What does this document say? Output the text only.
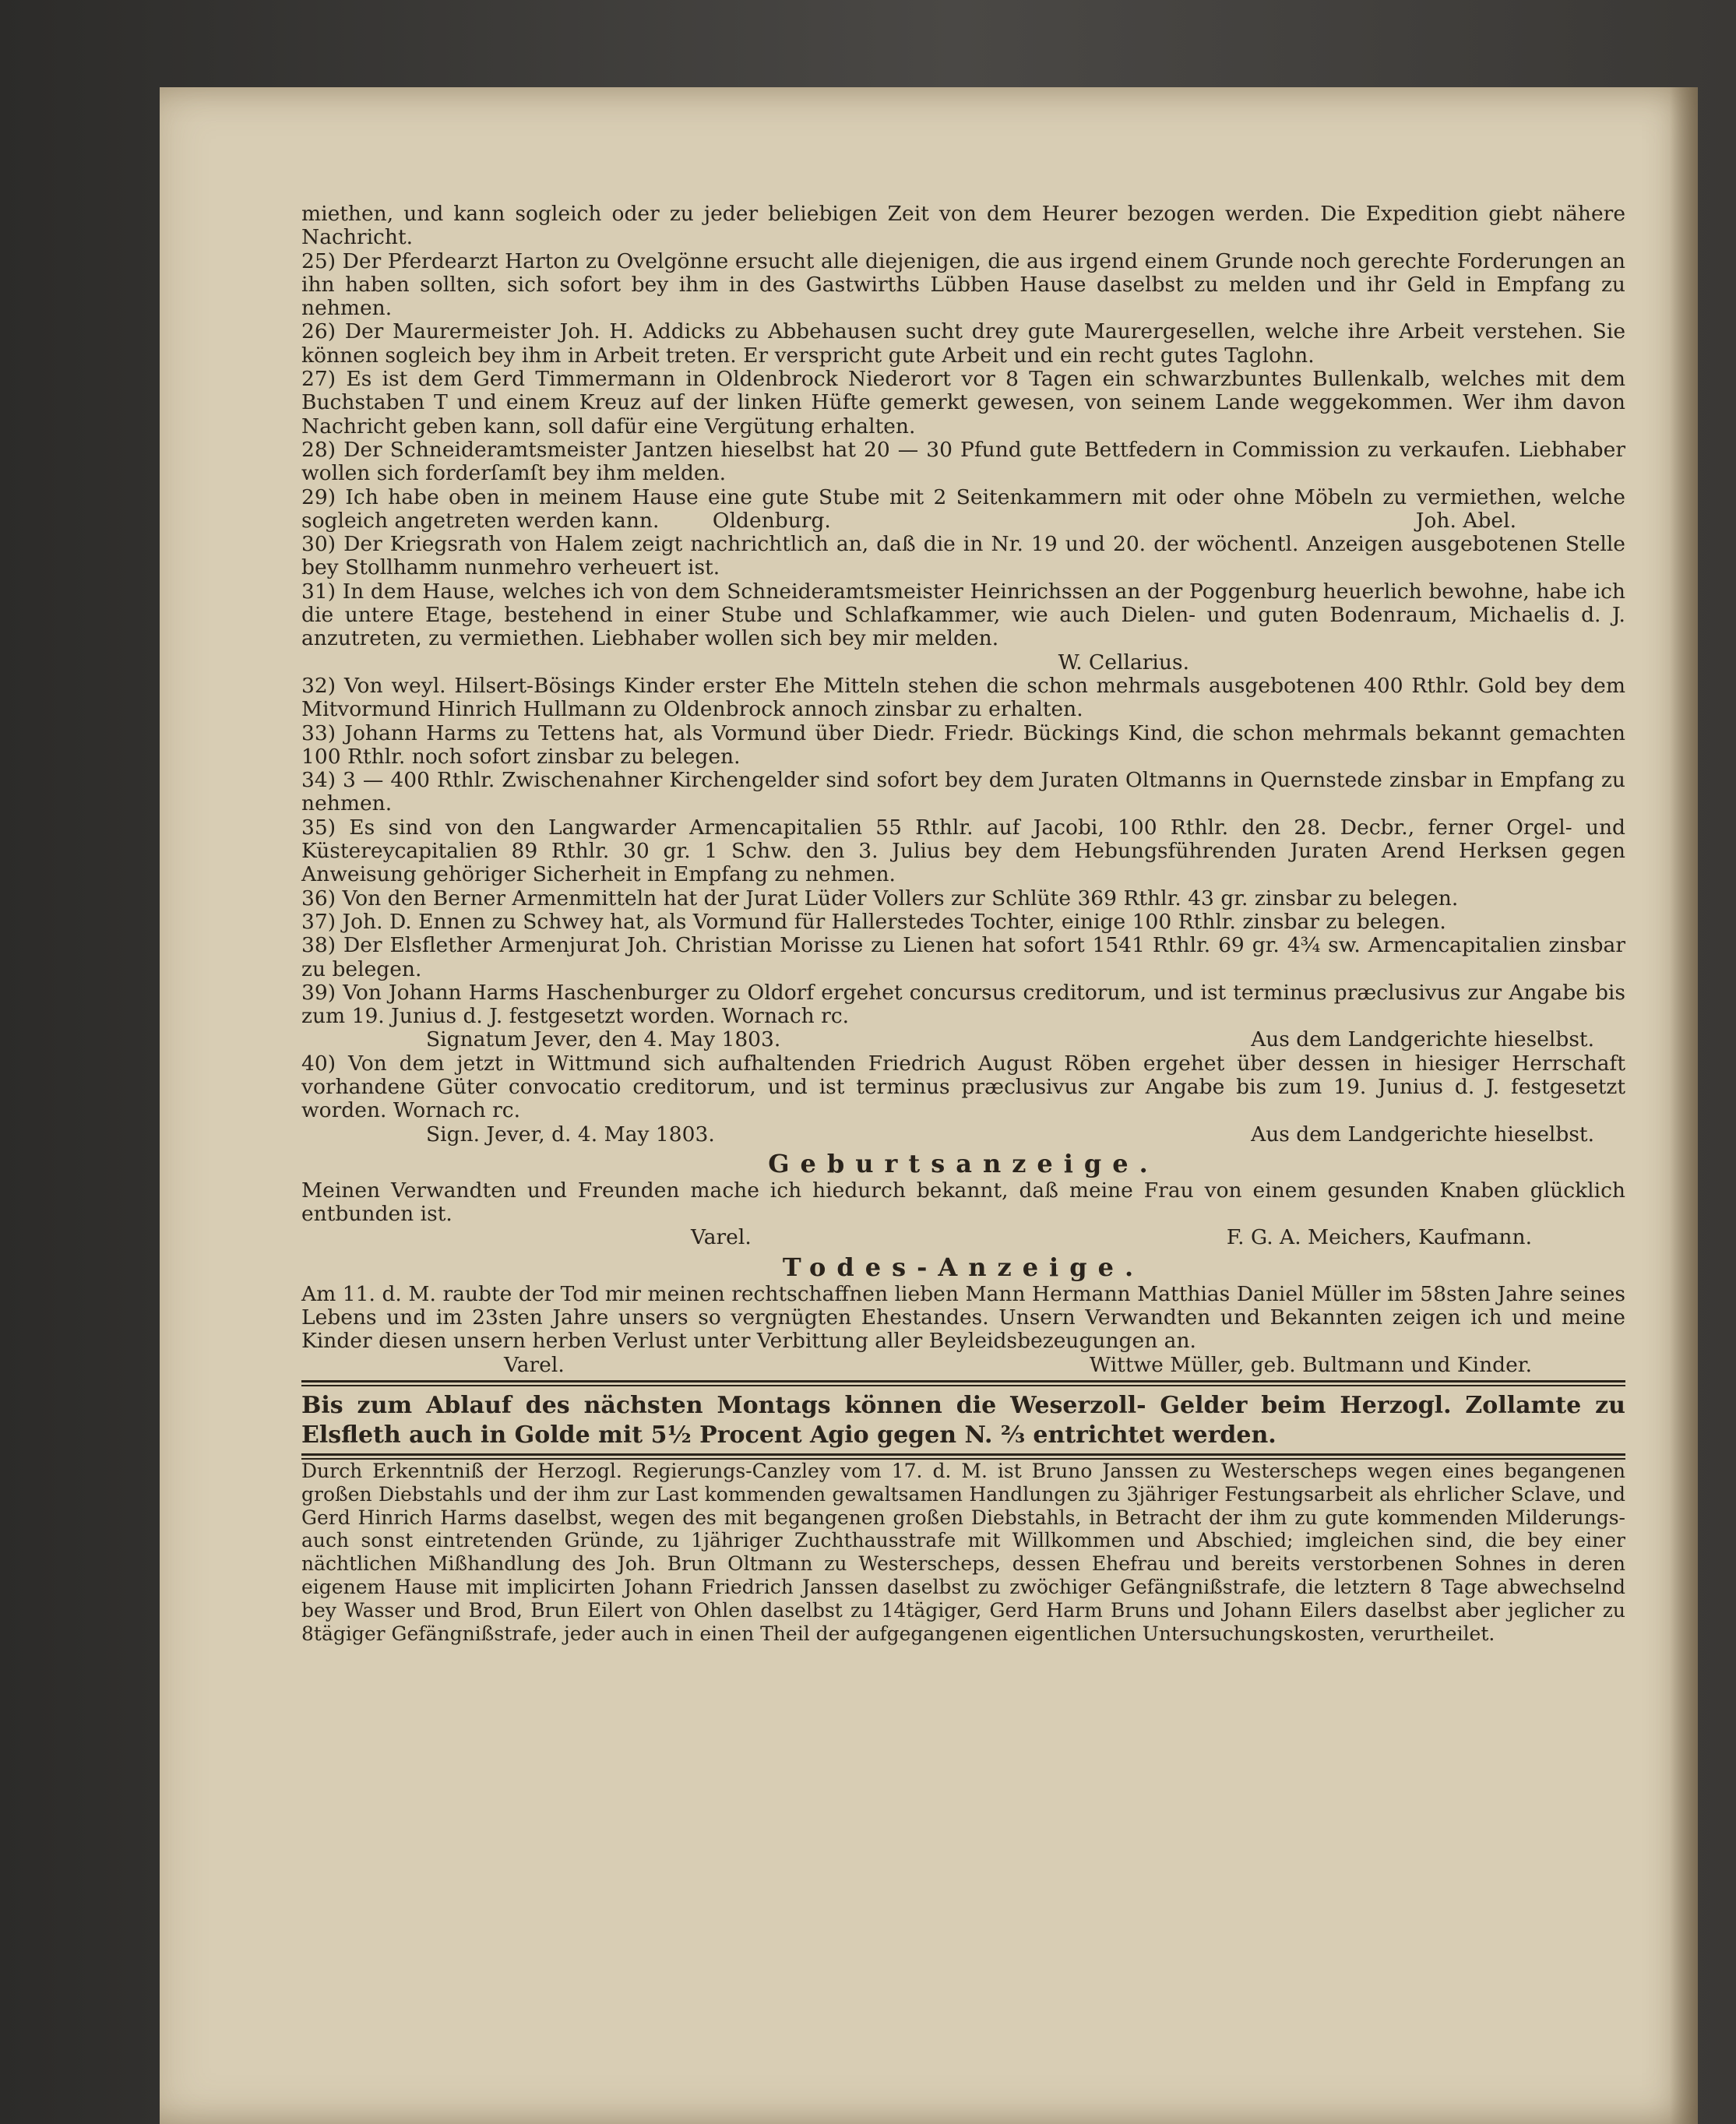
miethen, und kann sogleich oder zu jeder beliebigen Zeit von dem Heurer bezogen werden. Die Expedition giebt nähere Nachricht.

25) Der Pferdearzt Harton zu Ovelgönne ersucht alle diejenigen, die aus irgend einem Grunde noch gerechte Forderungen an ihn haben sollten, sich sofort bey ihm in des Gastwirths Lübben Hause daselbst zu melden und ihr Geld in Empfang zu nehmen.

26) Der Maurermeister Joh. H. Addicks zu Abbehausen sucht drey gute Maurergesellen, welche ihre Arbeit verstehen. Sie können sogleich bey ihm in Arbeit treten. Er verspricht gute Arbeit und ein recht gutes Taglohn.

27) Es ist dem Gerd Timmermann in Oldenbrock Niederort vor 8 Tagen ein schwarzbuntes Bullenkalb, welches mit dem Buchstaben T und einem Kreuz auf der linken Hüfte gemerkt gewesen, von seinem Lande weggekommen. Wer ihm davon Nachricht geben kann, soll dafür eine Vergütung erhalten.

28) Der Schneideramtsmeister Jantzen hieselbst hat 20 — 30 Pfund gute Bettfedern in Commission zu verkaufen. Liebhaber wollen sich forderſamſt bey ihm melden.

29) Ich habe oben in meinem Hause eine gute Stube mit 2 Seitenkammern mit oder ohne Möbeln zu vermiethen, welche sogleich angetreten werden kann.	Oldenburg.	Joh. Abel.

30) Der Kriegsrath von Halem zeigt nachrichtlich an, daß die in Nr. 19 und 20. der wöchentl. Anzeigen ausgebotenen Stelle bey Stollhamm nunmehro verheuert ist.

31) In dem Hause, welches ich von dem Schneideramtsmeister Heinrichssen an der Poggenburg heuerlich bewohne, habe ich die untere Etage, bestehend in einer Stube und Schlafkammer, wie auch Dielen- und guten Bodenraum, Michaelis d. J. anzutreten, zu vermiethen. Liebhaber wollen sich bey mir melden.

W. Cellarius.

32) Von weyl. Hilsert-Bösings Kinder erster Ehe Mitteln stehen die schon mehrmals ausgebotenen 400 Rthlr. Gold bey dem Mitvormund Hinrich Hullmann zu Oldenbrock annoch zinsbar zu erhalten.

33) Johann Harms zu Tettens hat, als Vormund über Diedr. Friedr. Bückings Kind, die schon mehrmals bekannt gemachten 100 Rthlr. noch sofort zinsbar zu belegen.

34) 3 — 400 Rthlr. Zwischenahner Kirchengelder sind sofort bey dem Juraten Oltmanns in Quernstede zinsbar in Empfang zu nehmen.

35) Es sind von den Langwarder Armencapitalien 55 Rthlr. auf Jacobi, 100 Rthlr. den 28. Decbr., ferner Orgel- und Küstereycapitalien 89 Rthlr. 30 gr. 1 Schw. den 3. Julius bey dem Hebungsführenden Juraten Arend Herksen gegen Anweisung gehöriger Sicherheit in Empfang zu nehmen.

36) Von den Berner Armenmitteln hat der Jurat Lüder Vollers zur Schlüte 369 Rthlr. 43 gr. zinsbar zu belegen.

37) Joh. D. Ennen zu Schwey hat, als Vormund für Hallerstedes Tochter, einige 100 Rthlr. zinsbar zu belegen.

38) Der Elsflether Armenjurat Joh. Christian Morisse zu Lienen hat sofort 1541 Rthlr. 69 gr. 4¾ sw. Armencapitalien zinsbar zu belegen.

39) Von Johann Harms Haschenburger zu Oldorf ergehet concursus creditorum, und ist terminus præclusivus zur Angabe bis zum 19. Junius d. J. festgesetzt worden. Wornach rc.

Signatum Jever, den 4. May 1803.	Aus dem Landgerichte hieselbst.

40) Von dem jetzt in Wittmund sich aufhaltenden Friedrich August Röben ergehet über dessen in hiesiger Herrschaft vorhandene Güter convocatio creditorum, und ist terminus præclusivus zur Angabe bis zum 19. Junius d. J. festgesetzt worden. Wornach rc.

Sign. Jever, d. 4. May 1803.	Aus dem Landgerichte hieselbst.

Geburtsanzeige.

Meinen Verwandten und Freunden mache ich hiedurch bekannt, daß meine Frau von einem gesunden Knaben glücklich entbunden ist.

Varel.	F. G. A. Meichers, Kaufmann.

Todes-Anzeige.

Am 11. d. M. raubte der Tod mir meinen rechtschaffnen lieben Mann Hermann Matthias Daniel Müller im 58sten Jahre seines Lebens und im 23sten Jahre unsers so vergnügten Ehestandes. Unsern Verwandten und Bekannten zeigen ich und meine Kinder diesen unsern herben Verlust unter Verbittung aller Beyleidsbezeugungen an.

Varel.	Wittwe Müller, geb. Bultmann und Kinder.

Bis zum Ablauf des nächsten Montags können die Weserzoll- Gelder beim Herzogl. Zollamte zu Elsfleth auch in Golde mit 5½ Procent Agio gegen N. ⅔ entrichtet werden.

Durch Erkenntniß der Herzogl. Regierungs-Canzley vom 17. d. M. ist Bruno Janssen zu Westerscheps wegen eines begangenen großen Diebstahls und der ihm zur Last kommenden gewaltsamen Handlungen zu 3jähriger Festungsarbeit als ehrlicher Sclave, und Gerd Hinrich Harms daselbst, wegen des mit begangenen großen Diebstahls, in Betracht der ihm zu gute kommenden Milderungs- auch sonst eintretenden Gründe, zu 1jähriger Zuchthausstrafe mit Willkommen und Abschied; imgleichen sind, die bey einer nächtlichen Mißhandlung des Joh. Brun Oltmann zu Westerscheps, dessen Ehefrau und bereits verstorbenen Sohnes in deren eigenem Hause mit implicirten Johann Friedrich Janssen daselbst zu zwöchiger Gefängnißstrafe, die letztern 8 Tage abwechselnd bey Wasser und Brod, Brun Eilert von Ohlen daselbst zu 14tägiger, Gerd Harm Bruns und Johann Eilers daselbst aber jeglicher zu 8tägiger Gefängnißstrafe, jeder auch in einen Theil der aufgegangenen eigentlichen Untersuchungskosten, verurtheilet.
